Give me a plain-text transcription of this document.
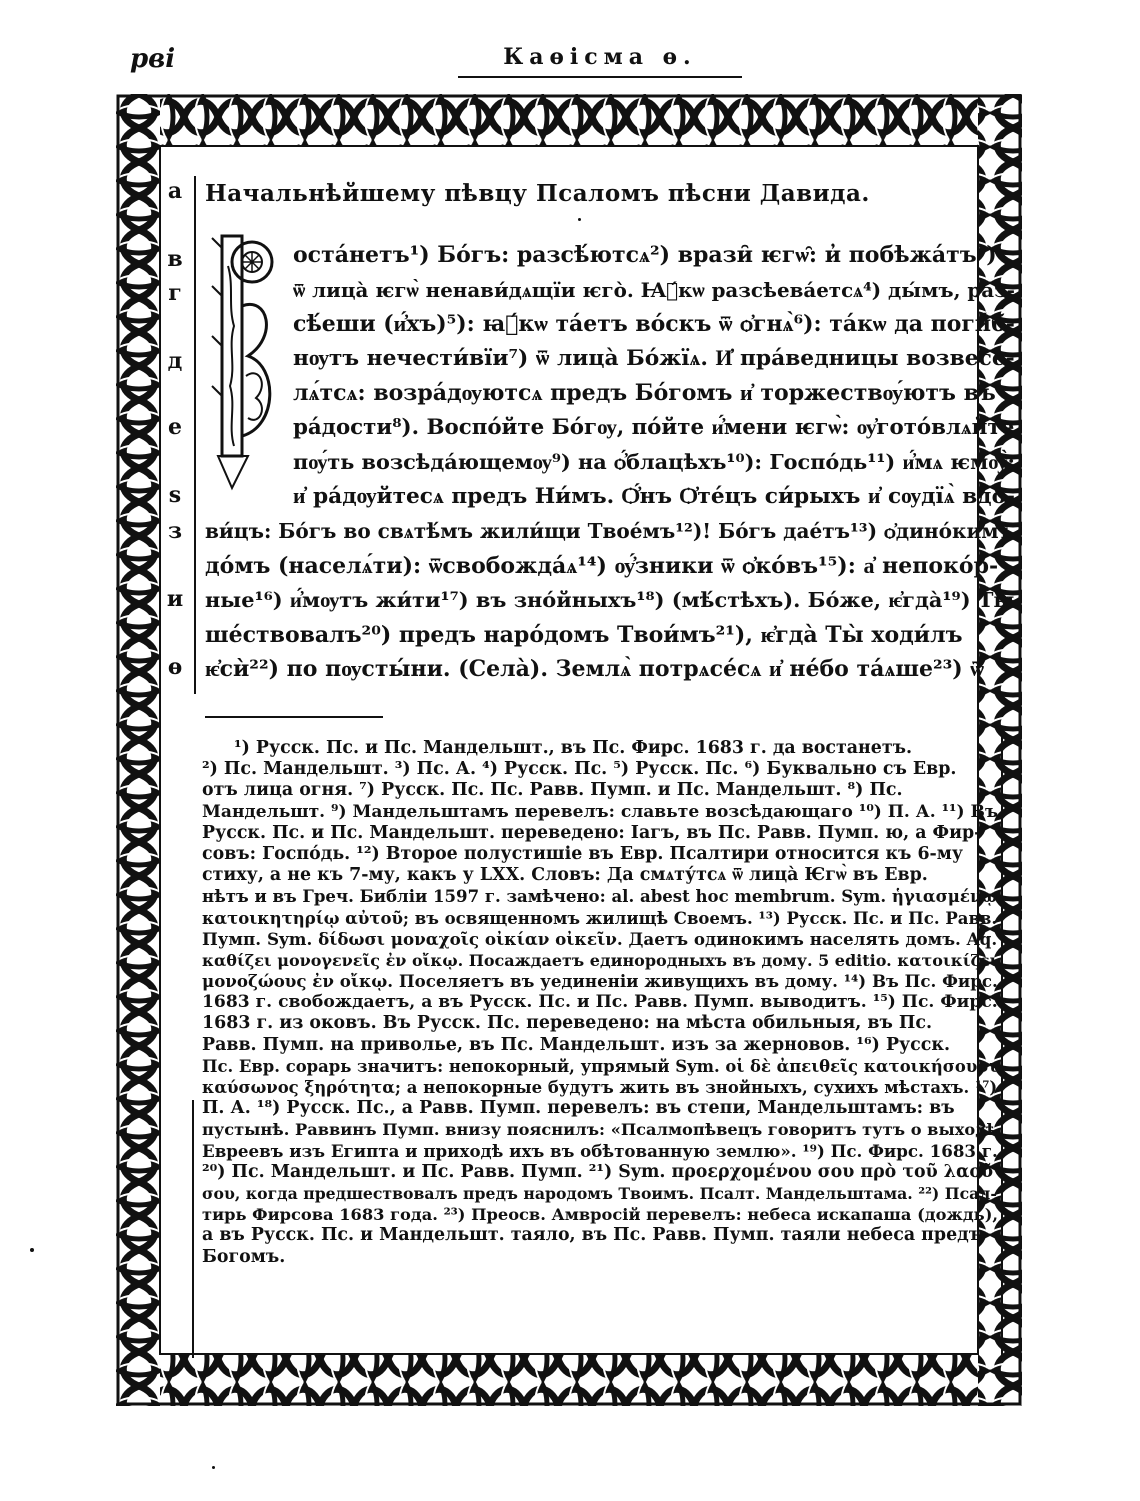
рві	Каѳісма ѳ.
а
в
г
д
е
ѕ
з
и
ѳ
Начальнѣйшему пѣвцу Псаломъ пѣсни Давида.
оста́нетъ¹) Бо́гъ: разсѣ́ютсѧ²) врази̑ ѥгѡ̑: и̓ побѣжа́тъ³)
ѿ лица̀ ѥгѡ̀ ненави́дѧщїи ѥго̀. Ꙗ҆́кѡ разсѣева́етсѧ⁴) ды́мъ, раз-
сѣ́еши (и҆́хъ)⁵): ꙗ҆́кѡ та́етъ во́скъ ѿ ѻ҆гнѧ̀⁶): та́кѡ да поги́б-
нѹтъ нечести́вїи⁷) ѿ лица̀ Бо́жїѧ. И҆ пра́ведницы возвесе-
лѧ́тсѧ: возра́дѹютсѧ предъ Бо́гомъ и҆ торжествѹ́ютъ въ
ра́дости⁸). Воспо́йте Бо́гѹ, по́йте и҆́мени ѥгѡ̀: ѹ҆гото́влѧйте
пѹ́ть возсѣда́ющемѹ⁹) на ѻ҆́блацѣхъ¹⁰): Госпо́дь¹¹) и҆́мѧ ѥмѹ̀:
и҆ ра́дѹйтесѧ предъ Ни́мъ. Ѻ҆́нъ Ѻ҆те́цъ си́рыхъ и҆ сѹдїѧ̀ вдо-
ви́цъ: Бо́гъ во свѧтѣ́мъ жили́щи Твое́мъ¹²)! Бо́гъ дае́тъ¹³) ѻ҆дино́кимъ
до́мъ (населѧ́ти): ѿсвобожда́ѧ¹⁴) ѹ҆́зники ѿ ѻ҆ко́въ¹⁵): а҆ непоко́р-
ные¹⁶) и҆́мѹтъ жи́ти¹⁷) въ зно́йныхъ¹⁸) (мѣ́стѣхъ). Бо́же, ѥ҆гда̀¹⁹) Ты̀
ше́ствовалъ²⁰) предъ наро́домъ Твои́мъ²¹), ѥ҆гда̀ Ты̀ ходи́лъ
ѥ҆сѝ²²) по пѹсты́ни. (Села̀). Землѧ̀ потрѧсе́сѧ и҆ не́бо та́ѧше²³) ѿ
¹) Русск. Пс. и Пс. Мандельшт., въ Пс. Фирс. 1683 г. да востанетъ.
²) Пс. Мандельшт. ³) Пс. А. ⁴) Русск. Пс. ⁵) Русск. Пс. ⁶) Буквально съ Евр.
отъ лица огня. ⁷) Русск. Пс. Пс. Равв. Пумп. и Пс. Мандельшт. ⁸) Пс.
Мандельшт. ⁹) Мандельштамъ перевелъ: славьте возсѣдающаго ¹⁰) П. А. ¹¹) Въ
Русск. Пс. и Пс. Мандельшт. переведено: Iагъ, въ Пс. Равв. Пумп. ю, а Фир-
совъ: Госпо́дь. ¹²) Второе полустишiе въ Евр. Псалтири относится къ 6-му
стиху, а не къ 7-му, какъ у LXX. Словъ: Да смѧту́тсѧ ѿ лица̀ Ѥгѡ̀ въ Евр.
нѣтъ и въ Греч. Библiи 1597 г. замѣчено: al. abest hoc membrum. Sym. ἡγιασμένῳ
κατοικητηρίῳ αὐτοῦ; въ освященномъ жилищѣ Своемъ. ¹³) Русск. Пс. и Пс. Равв.
Пумп. Sym. δίδωσι μοναχοῖς οἰκίαν οἰκεῖν. Даетъ одинокимъ населять домъ. Aq.
καθίζει μονογενεῖς ἐν οἴκῳ. Посаждаетъ единородныхъ въ дому. 5 editio. κατοικίζει
μονοζώους ἐν οἴκῳ. Поселяетъ въ уединенiи живущихъ въ дому. ¹⁴) Въ Пс. Фирс.
1683 г. свобождаетъ, а въ Русск. Пс. и Пс. Равв. Пумп. выводитъ. ¹⁵) Пс. Фирс.
1683 г. из оковъ. Въ Русск. Пс. переведено: на мѣста обильныя, въ Пс.
Равв. Пумп. на приволье, въ Пс. Мандельшт. изъ за жерновов. ¹⁶) Русск.
Пс. Евр. сорарь значитъ: непокорный, упрямый Sym. οἱ δὲ ἀπειθεῖς κατοικήσουσι
καύσωνος ξηρότητα; а непокорные будутъ жить въ знойныхъ, сухихъ мѣстахъ. ¹⁷)
П. А. ¹⁸) Русск. Пс., а Равв. Пумп. перевелъ: въ степи, Мандельштамъ: въ
пустынѣ. Раввинъ Пумп. внизу пояснилъ: «Псалмопѣвецъ говоритъ тутъ о выходѣ
Евреевъ изъ Египта и приходѣ ихъ въ обѣтованную землю». ¹⁹) Пс. Фирс. 1683 г.
²⁰) Пс. Мандельшт. и Пс. Равв. Пумп. ²¹) Sym. προερχομένου σου πρὸ τοῦ λαοῦ
σου, когда предшествовалъ предъ народомъ Твоимъ. Псалт. Мандельштама. ²²) Псал-
тирь Фирсова 1683 года. ²³) Преосв. Амвросiй перевелъ: небеса искапаша (дождь),
а въ Русск. Пс. и Мандельшт. таяло, въ Пс. Равв. Пумп. таяли небеса предъ
Богомъ.
